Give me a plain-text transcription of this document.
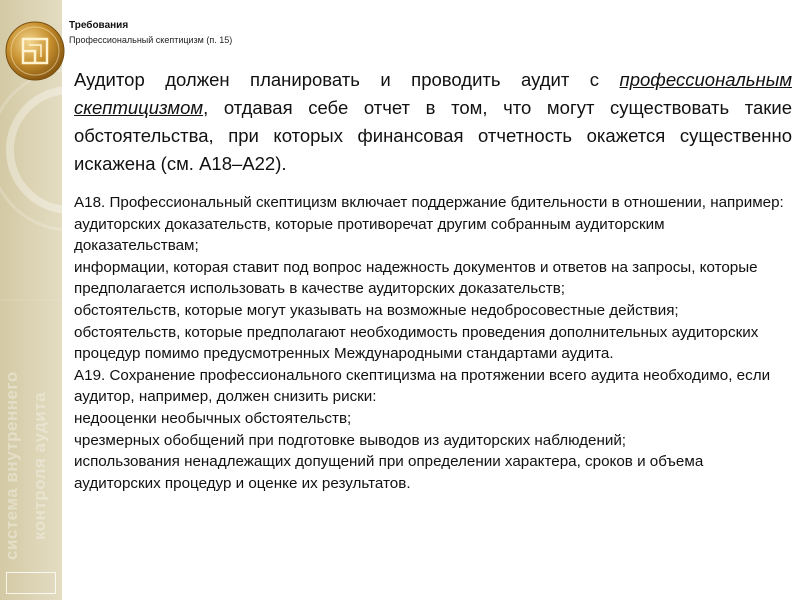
система внутреннего контроля аудита
Требования
Профессиональный скептицизм (п. 15)
Аудитор должен планировать и проводить аудит с профессиональным скептицизмом, отдавая себе отчет в том, что могут существовать такие обстоятельства, при которых финансовая отчетность окажется существенно искажена (см. A18–A22).
A18. Профессиональный скептицизм включает поддержание бдительности в отношении, например:
аудиторских доказательств, которые противоречат другим собранным аудиторским доказательствам;
информации, которая ставит под вопрос надежность документов и ответов на запросы, которые предполагается использовать в качестве аудиторских доказательств;
обстоятельств, которые могут указывать на возможные недобросовестные действия;
обстоятельств, которые предполагают необходимость проведения дополнительных аудиторских процедур помимо предусмотренных Международными стандартами аудита.
A19. Сохранение профессионального скептицизма на протяжении всего аудита необходимо, если аудитор, например, должен снизить риски:
недооценки необычных обстоятельств;
чрезмерных обобщений при подготовке выводов из аудиторских наблюдений;
использования ненадлежащих допущений при определении характера, сроков и объема аудиторских процедур и оценке их результатов.
